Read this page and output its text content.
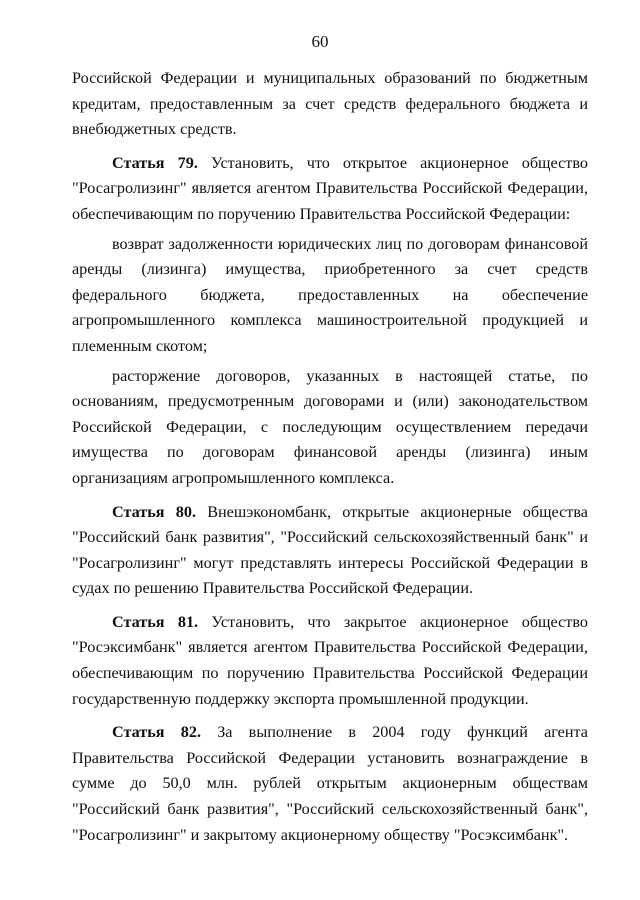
60

Российской Федерации и муниципальных образований по бюджетным кредитам, предоставленным за счет средств федерального бюджета и внебюджетных средств.

Статья 79. Установить, что открытое акционерное общество "Росагролизинг" является агентом Правительства Российской Федерации, обеспечивающим по поручению Правительства Российской Федерации:

возврат задолженности юридических лиц по договорам финансовой аренды (лизинга) имущества, приобретенного за счет средств федерального бюджета, предоставленных на обеспечение агропромышленного комплекса машиностроительной продукцией и племенным скотом;

расторжение договоров, указанных в настоящей статье, по основаниям, предусмотренным договорами и (или) законодательством Российской Федерации, с последующим осуществлением передачи имущества по договорам финансовой аренды (лизинга) иным организациям агропромышленного комплекса.

Статья 80. Внешэкономбанк, открытые акционерные общества "Российский банк развития", "Российский сельскохозяйственный банк" и "Росагролизинг" могут представлять интересы Российской Федерации в судах по решению Правительства Российской Федерации.

Статья 81. Установить, что закрытое акционерное общество "Росэксимбанк" является агентом Правительства Российской Федерации, обеспечивающим по поручению Правительства Российской Федерации государственную поддержку экспорта промышленной продукции.

Статья 82. За выполнение в 2004 году функций агента Правительства Российской Федерации установить вознаграждение в сумме до 50,0 млн. рублей открытым акционерным обществам "Российский банк развития", "Российский сельскохозяйственный банк", "Росагролизинг" и закрытому акционерному обществу "Росэксимбанк".
